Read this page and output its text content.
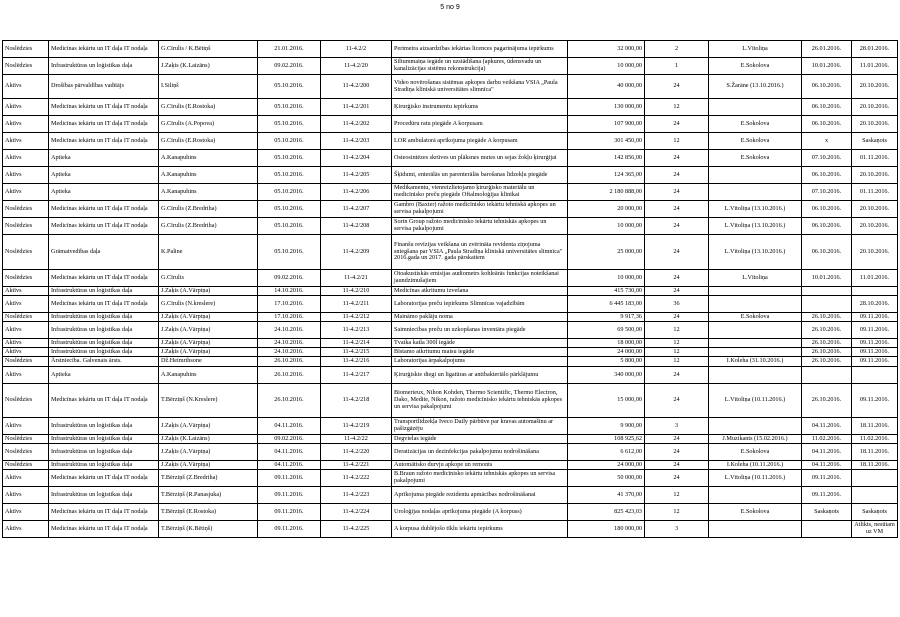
5 no 9
Noslēdzies	Medicīnas iekārtu un IT daļa IT nodaļa	G.Cīrulis / K.Bētiņš	21.01.2016.	11-4.2/2	Perimetra aizsardzības iekārtas licences pagarinājuma iepirkums	32 000,00	2	L.Vītoliņa	26.01.2016.	28.01.2016.
Noslēdzies	Infrastruktūras un loģistikas daļa	J.Zaķis (K.Laizāns)	09.02.2016.	11-4.2/20	Siltummaiņa iegāde un uzstādīšana (apkures, ūdensvadu un kanalizācijas sistēmu rekonstrukcija)	10 000,00	1	E.Sokolova	10.01.2016.	11.01.2016.
Aktīvs	Drošības pārvaldības vadītājs	I.Siliņš	05.10.2016.	11-4.2/200	Video novērošanas sistēmas apkopes darbu veikšana VSIA „Paula Stradiņa klīniskā universitātes slimnīca"	40 000,00	24	S.Žarāne (13.10.2016.)	06.10.2016.	20.10.2016.
Aktīvs	Medicīnas iekārtu un IT daļa IT nodaļa	G.Cīrulis (E.Rostoka)	05.10.2016.	11-4.2/201	Ķirurģisko instrumentu iepirkums	130 000,00	12		06.10.2016.	20.10.2016.
Aktīvs	Medicīnas iekārtu un IT daļa IT nodaļa	G.Cīrulis (A.Popova)	05.10.2016.	11-4.2/202	Procedūru ratu piegāde A korpusam	107 900,00	24	E.Sokolova	06.10.2016.	20.10.2016.
Aktīvs	Medicīnas iekārtu un IT daļa IT nodaļa	G.Cīrulis (E.Rostoka)	05.10.2016.	11-4.2/203	LOR ambulatorā aprīkojuma piegāde A korpusam	301 450,00	12	E.Sokolova	x	Saskaņots
Aktīvs	Aptieka	A.Kanapuhins	05.10.2016.	11-4.2/204	Osteosintēzes skrūves un plāksnes mutes un sejas žokļu ķirurģijai	142 856,00	24	E.Sokolova	07.10.2016.	01.11.2016.
Aktīvs	Aptieka	A.Kanapuhins	05.10.2016.	11-4.2/205	Šķīdumi, enterālās un parenterālās barošanas līdzekļu piegāde	124 365,00	24		06.10.2016.	20.10.2016.
Aktīvs	Aptieka	A.Kanapuhins	05.10.2016.	11-4.2/206	Medikamentu, vienreizlietojamo ķirurģisko materiālu un medicīnisko preču piegāde Oftalmoloģijas klīnikai	2 180 888,00	24		07.10.2016.	01.11.2016.
Noslēdzies	Medicīnas iekārtu un IT daļa IT nodaļa	G.Cīrulis (Z.Bredriha)	05.10.2016.	11-4.2/207	Gambro (Baxter) ražoto medicīnisko iekārtu tehniskā apkopes un servisa pakalpojumi	20 000,00	24	L.Vītoliņa (13.10.2016.)	06.10.2016.	20.10.2016.
Noslēdzies	Medicīnas iekārtu un IT daļa IT nodaļa	G.Cīrulis (Z.Bredriha)	05.10.2016.	11-4.2/208	Sorin Group ražoto medicīnisko iekārtu tehniskās apkopes un servisa pakalpojumi	10 000,00	24	L.Vītoliņa (13.10.2016.)	06.10.2016.	20.10.2016.
Noslēdzies	Grāmatvedības daļa	K.Paline	05.10.2016.	11-4.2/209	Finanšu revīzijas veikšana un zvērināta revidenta ziņojuma sniegšana par VSIA „Paula Stradiņa klīniskā universitātes slimnīca" 2016.gada un 2017. gada pārskatiem	25 000,00	24	L.Vītoliņa (13.10.2016.)	06.10.2016.	20.10.2016.
Noslēdzies	Medicīnas iekārtu un IT daļa IT nodaļa	G.Cīrulis	09.02.2016.	11-4.2/21	Otoakustiskās emisijas audiometrs kohleārās funkcijas noteikšanai jaundzimušajiem	10 000,00	24	L.Vītoliņa	10.01.2016.	11.01.2016.
Aktīvs	Infrastruktūras un loģistikas daļa	J.Zaķis (A.Vārpiņa)	14.10.2016.	11-4.2/210	Medicīnas atkritumu izvešana	415 730,00	24			
Aktīvs	Medicīnas iekārtu un IT daļa IT nodaļa	G.Cīrulis (N.kreslere)	17.10.2016.	11-4.2/211	Laboratorijas preču iepirkums Slimnīcas vajadzībām	6 445 183,00	36			28.10.2016.
Noslēdzies	Infrastruktūras un loģistikas daļa	J.Zaķis (A.Vārpiņa)	17.10.2016.	11-4.2/212	Maināmo paklāju noma	9 917,36	24	E.Sokolova	26.10.2016.	09.11.2016.
Aktīvs	Infrastruktūras un loģistikas daļa	J.Zaķis (A.Vārpiņa)	24.10.2016.	11-4.2/213	Saimniecības preču un uzkopšanas inventāra piegāde	69 500,00	12		26.10.2016.	09.11.2016.
Aktīvs	Infrastruktūras un loģistikas daļa	J.Zaķis (A.Vārpiņa)	24.10.2016.	11-4.2/214	Tvaika katla 300l iegāde	18 000,00	12		26.10.2016.	09.11.2016.
Aktīvs	Infrastruktūras un loģistikas daļa	J.Zaķis (A.Vārpiņa)	24.10.2016.	11-4.2/215	Bīstamo atkritumu maisu iegāde	24 000,00	12		26.10.2016.	09.11.2016.
Noslēdzies	Ārstniecība. Galvenais ārsts.	Dž.Heimrihsone	26.10.2016.	11-4.2/216	Laboratorijas ārpakalpojums	5 800,00	12	I.Koleha (31.10.2016.)	26.10.2016.	09.11.2016.
Aktīvs	Aptieka	A.Kanapuhins	26.10.2016.	11-4.2/217	Ķirurģiskie diegi un ligatūras ar antibakteriālo pārklājumu	340 000,00	24			
Noslēdzies	Medicīnas iekārtu un IT daļa IT nodaļa	T.Bērziņš (N.Kreslere)	26.10.2016.	11-4.2/218	Biomerieux, Nihon Kohden, Thermo Scientific, Thermo Electron, Dako, Medite, Nikon, ražoto medicīnisko iekārtu tehniskās apkopes un servisa pakalpojumi	15 000,00	24	L.Vītoliņa (10.11.2016.)	26.10.2016.	09.11.2016.
Aktīvs	Infrastruktūras un loģistikas daļa	J.Zaķis (A.Vārpiņa)	04.11.2016.	11-4.2/219	Transportlīdzekļa Iveco Daily pārbūve par kravas automašīnu ar pašizgāzēju	9 900,00	3		04.11.2016.	18.11.2016.
Noslēdzies	Infrastruktūras un loģistikas daļa	J.Zaķis (K.Laizāns)	09.02.2016.	11-4.2/22	Degvielas iegāde	108 925,62	24	J.Muzikants (15.02.2016.)	11.02.2016.	11.02.2016.
Noslēdzies	Infrastruktūras un loģistikas daļa	J.Zaķis (A.Vārpiņa)	04.11.2016.	11-4.2/220	Deratizācijas un dezinfekcijas pakalpojumu nodrošināšana	6 612,00	24	E.Sokolova	04.11.2016.	18.11.2016.
Noslēdzies	Infrastruktūras un loģistikas daļa	J.Zaķis (A.Vārpiņa)	04.11.2016.	11-4.2/221	Automātisko durvju apkope un remonts	24 000,00	24	I.Koleha (10.11.2016.)	04.11.2016.	18.11.2016.
Aktīvs	Medicīnas iekārtu un IT daļa IT nodaļa	T.Bērziņš (Z.Bredriha)	09.11.2016.	11-4.2/222	B.Braun ražoto medicīnisko iekārtu tehniskās apkopes un servisa pakalpojumi	50 000,00	24	L.Vītoliņa (10.11.2016.)	09.11.2016.	
Aktīvs	Infrastruktūras un loģistikas daļa	T.Bērziņš (R.Panasjuka)	09.11.2016.	11-4.2/223	Aprīkojuma piegāde rezidentu apmācības nodrošināšanai	41 370,00	12		09.11.2016.	
Aktīvs	Medicīnas iekārtu un IT daļa IT nodaļa	T.Bērziņš (E.Rostoka)	09.11.2016.	11-4.2/224	Uroloģijas nodaļas aprīkojuma piegāde (A korpuss)	825 423,03	12	E.Sokolova	Saskaņots	Saskaņots
Aktīvs	Medicīnas iekārtu un IT daļa IT nodaļa	T.Bērziņš (K.Bētiņš)	09.11.2016.	11-4.2/225	A korpusa dublējošo tīklu iekārtu iepirkums	180 000,00	3			Atlikts, nesūtam uz VM
